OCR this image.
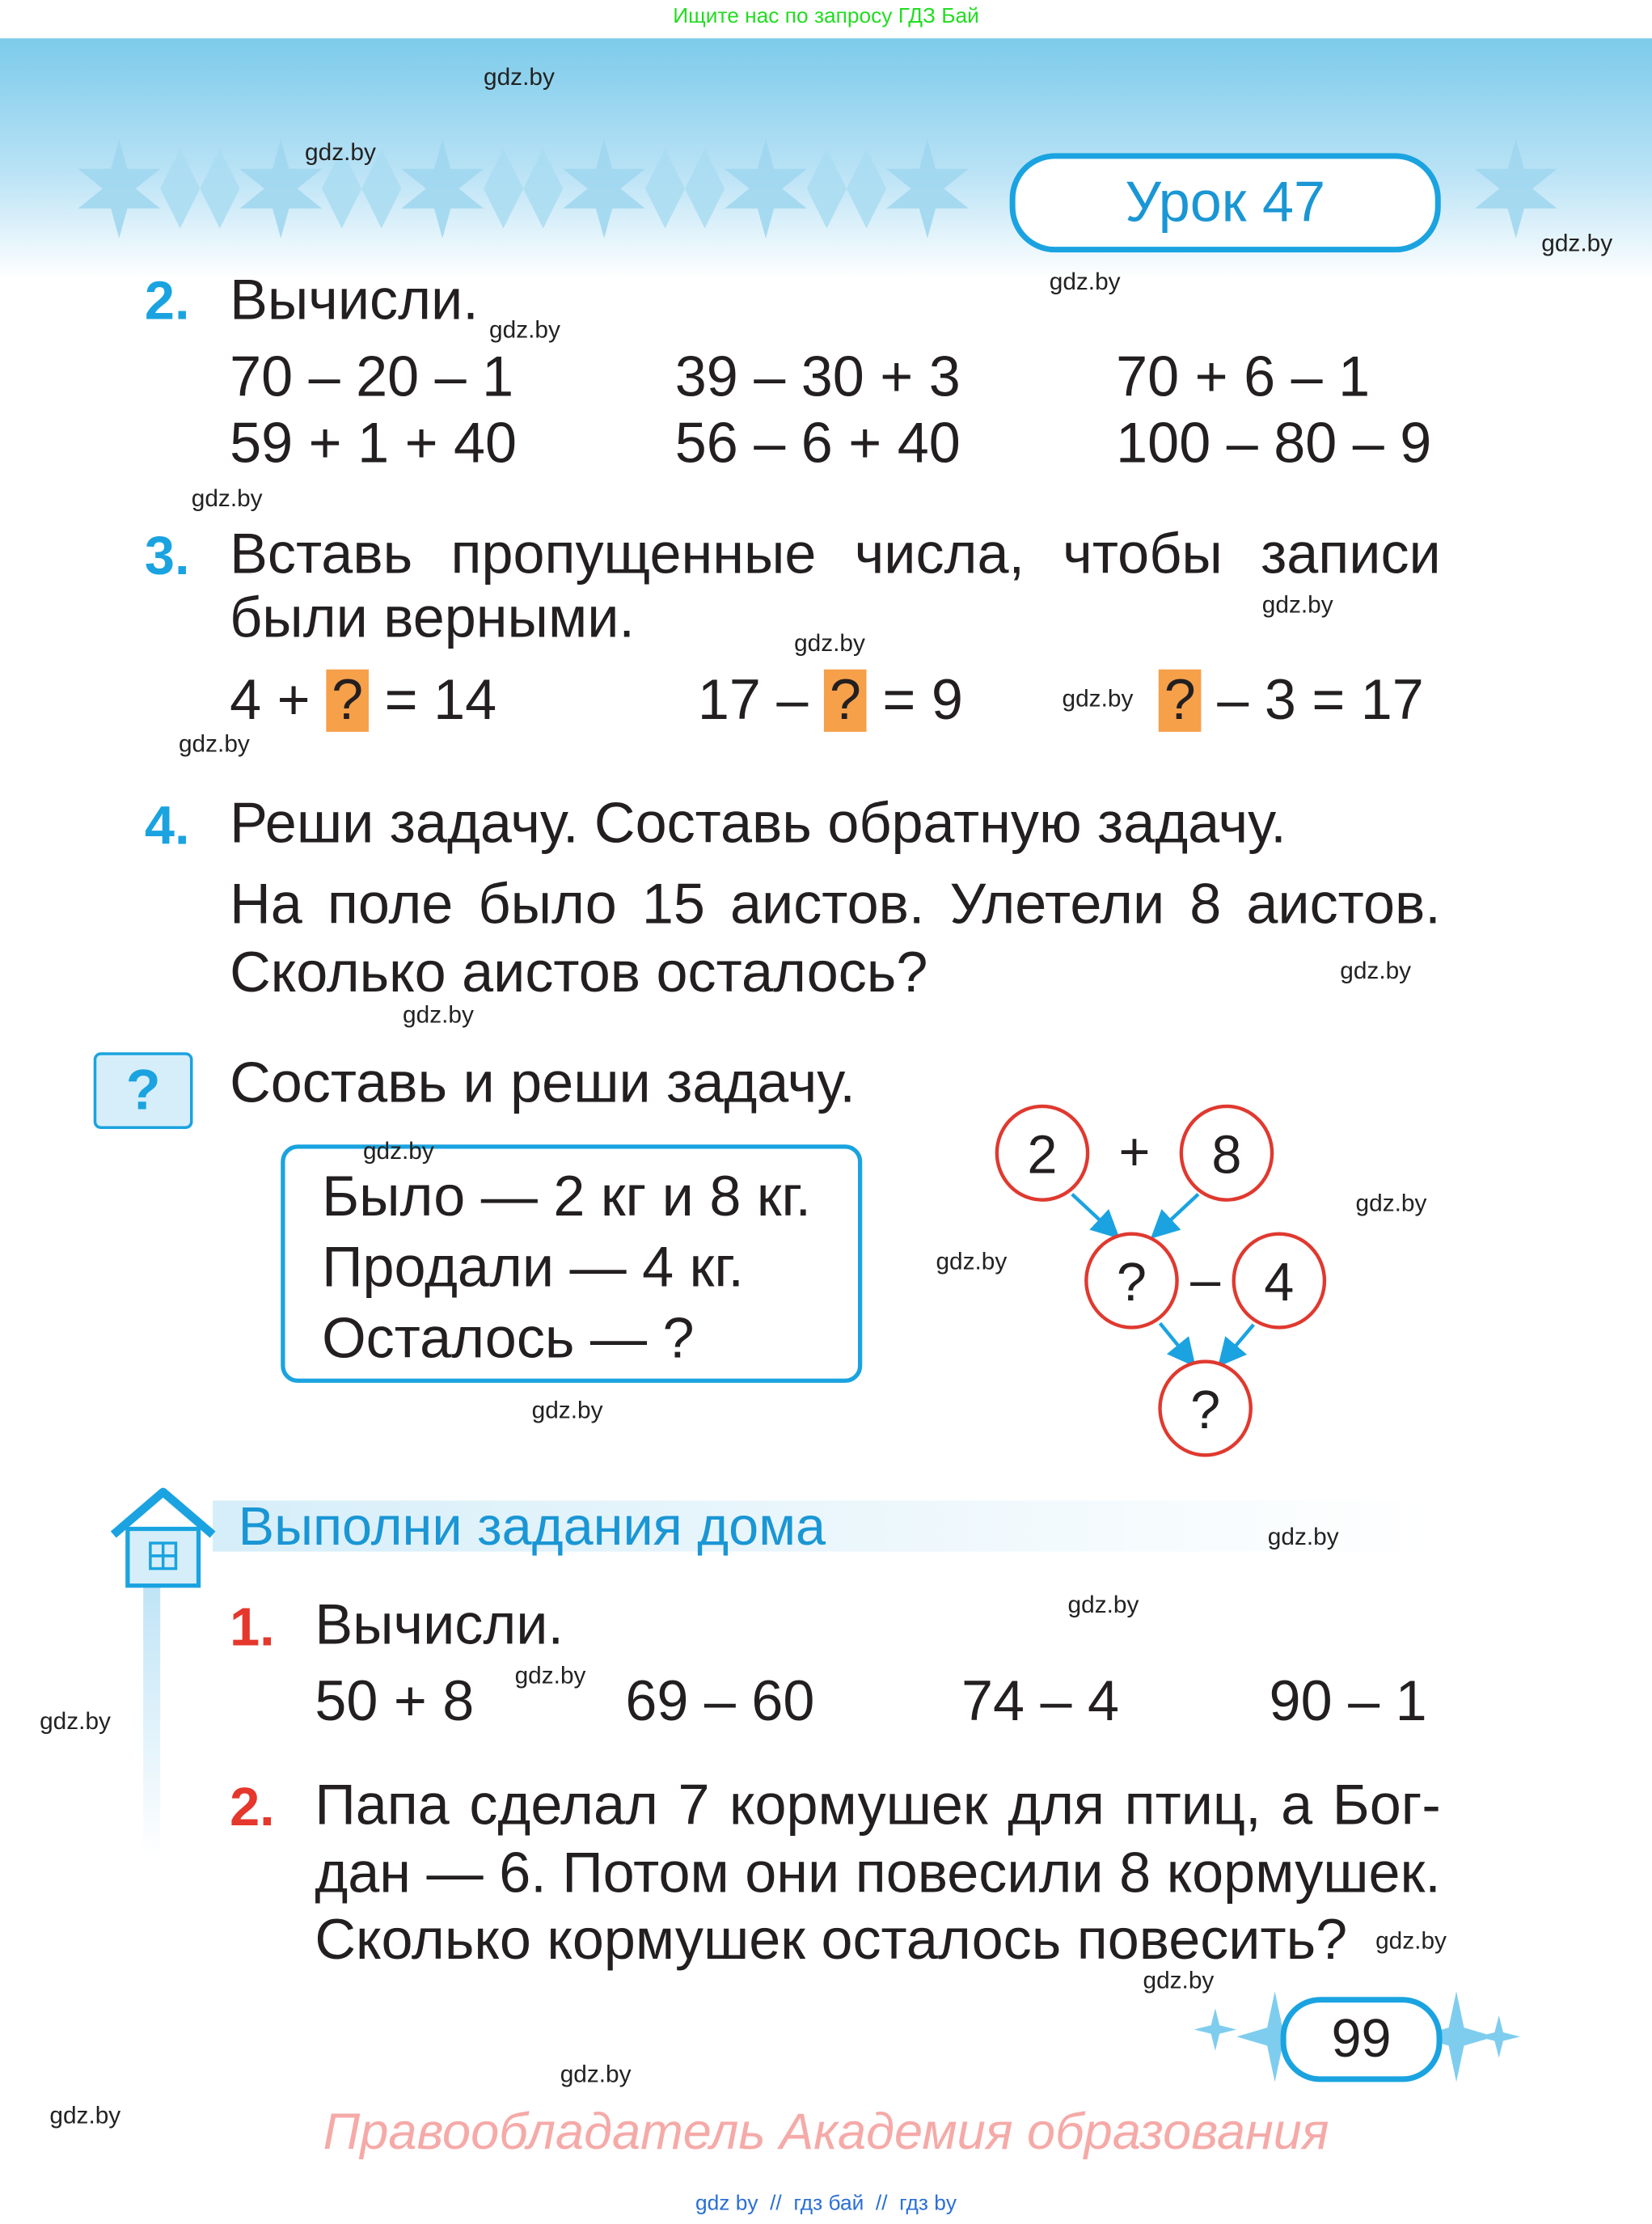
Ищите нас по запросу ГДЗ Бай
Урок 47
2. Вычисли.
70 – 20 – 1	39 – 30 + 3	70 + 6 – 1
59 + 1 + 40	56 – 6 + 40	100 – 80 – 9
3. Вставь пропущенные числа, чтобы записи
были верными.
4 + ? = 14	17 – ? = 9	? – 3 = 17
4. Реши задачу. Составь обратную задачу.
На поле было 15 аистов. Улетели 8 аистов.
Сколько аистов осталось?
?	Составь и реши задачу.
Было — 2 кг и 8 кг.
Продали — 4 кг.
Осталось — ?
2 + 8
? – 4
?
Выполни задания дома
1. Вычисли.
50 + 8	69 – 60	74 – 4	90 – 1
2. Папа сделал 7 кормушек для птиц, а Бог-
дан — 6. Потом они повесили 8 кормушек.
Сколько кормушек осталось повесить?
99
Правообладатель Академия образования
gdz by  //  гдз бай  //  гдз by
gdz.by
gdz.by
gdz.by
gdz.by
gdz.by
gdz.by
gdz.by
gdz.by
gdz.by
gdz.by
gdz.by
gdz.by
gdz.by
gdz.by
gdz.by
gdz.by
gdz.by
gdz.by
gdz.by
gdz.by
gdz.by
gdz.by
gdz.by
gdz.by
